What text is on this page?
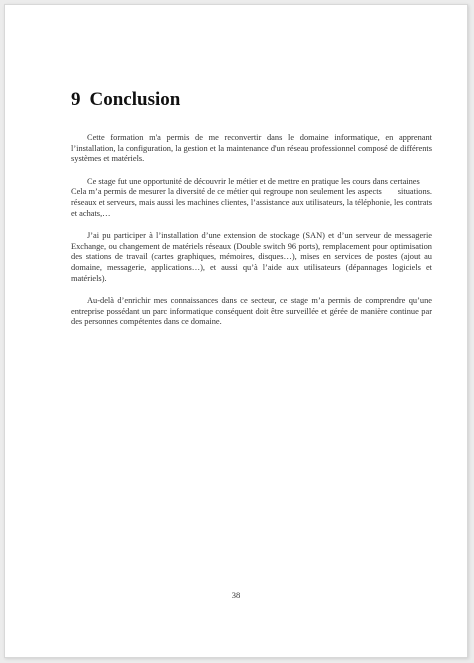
9 Conclusion

Cette formation m'a permis de me reconvertir dans le domaine informatique, en apprenant l’installation, la configuration, la gestion et la maintenance d'un réseau professionnel composé de différents systèmes et matériels.

Ce stage fut une opportunité de découvrir le métier et de mettre en pratique les cours dans certaines
situations.

Cela m’a permis de mesurer la diversité de ce métier qui regroupe non seulement les aspects réseaux et serveurs, mais aussi les machines clientes, l’assistance aux utilisateurs, la téléphonie, les contrats et achats,…

J’ai pu participer à l’installation d’une extension de stockage (SAN) et d’un serveur de messagerie Exchange, ou changement de matériels réseaux (Double switch 96 ports), remplacement pour optimisation des stations de travail (cartes graphiques, mémoires, disques…), mises en services de postes (ajout au domaine, messagerie, applications…), et aussi qu’à l’aide aux utilisateurs (dépannages logiciels et matériels).

Au-delà d’enrichir mes connaissances dans ce secteur, ce stage m’a permis de comprendre qu’une entreprise possédant un parc informatique conséquent doit être surveillée et gérée de manière continue par des personnes compétentes dans ce domaine.

38
